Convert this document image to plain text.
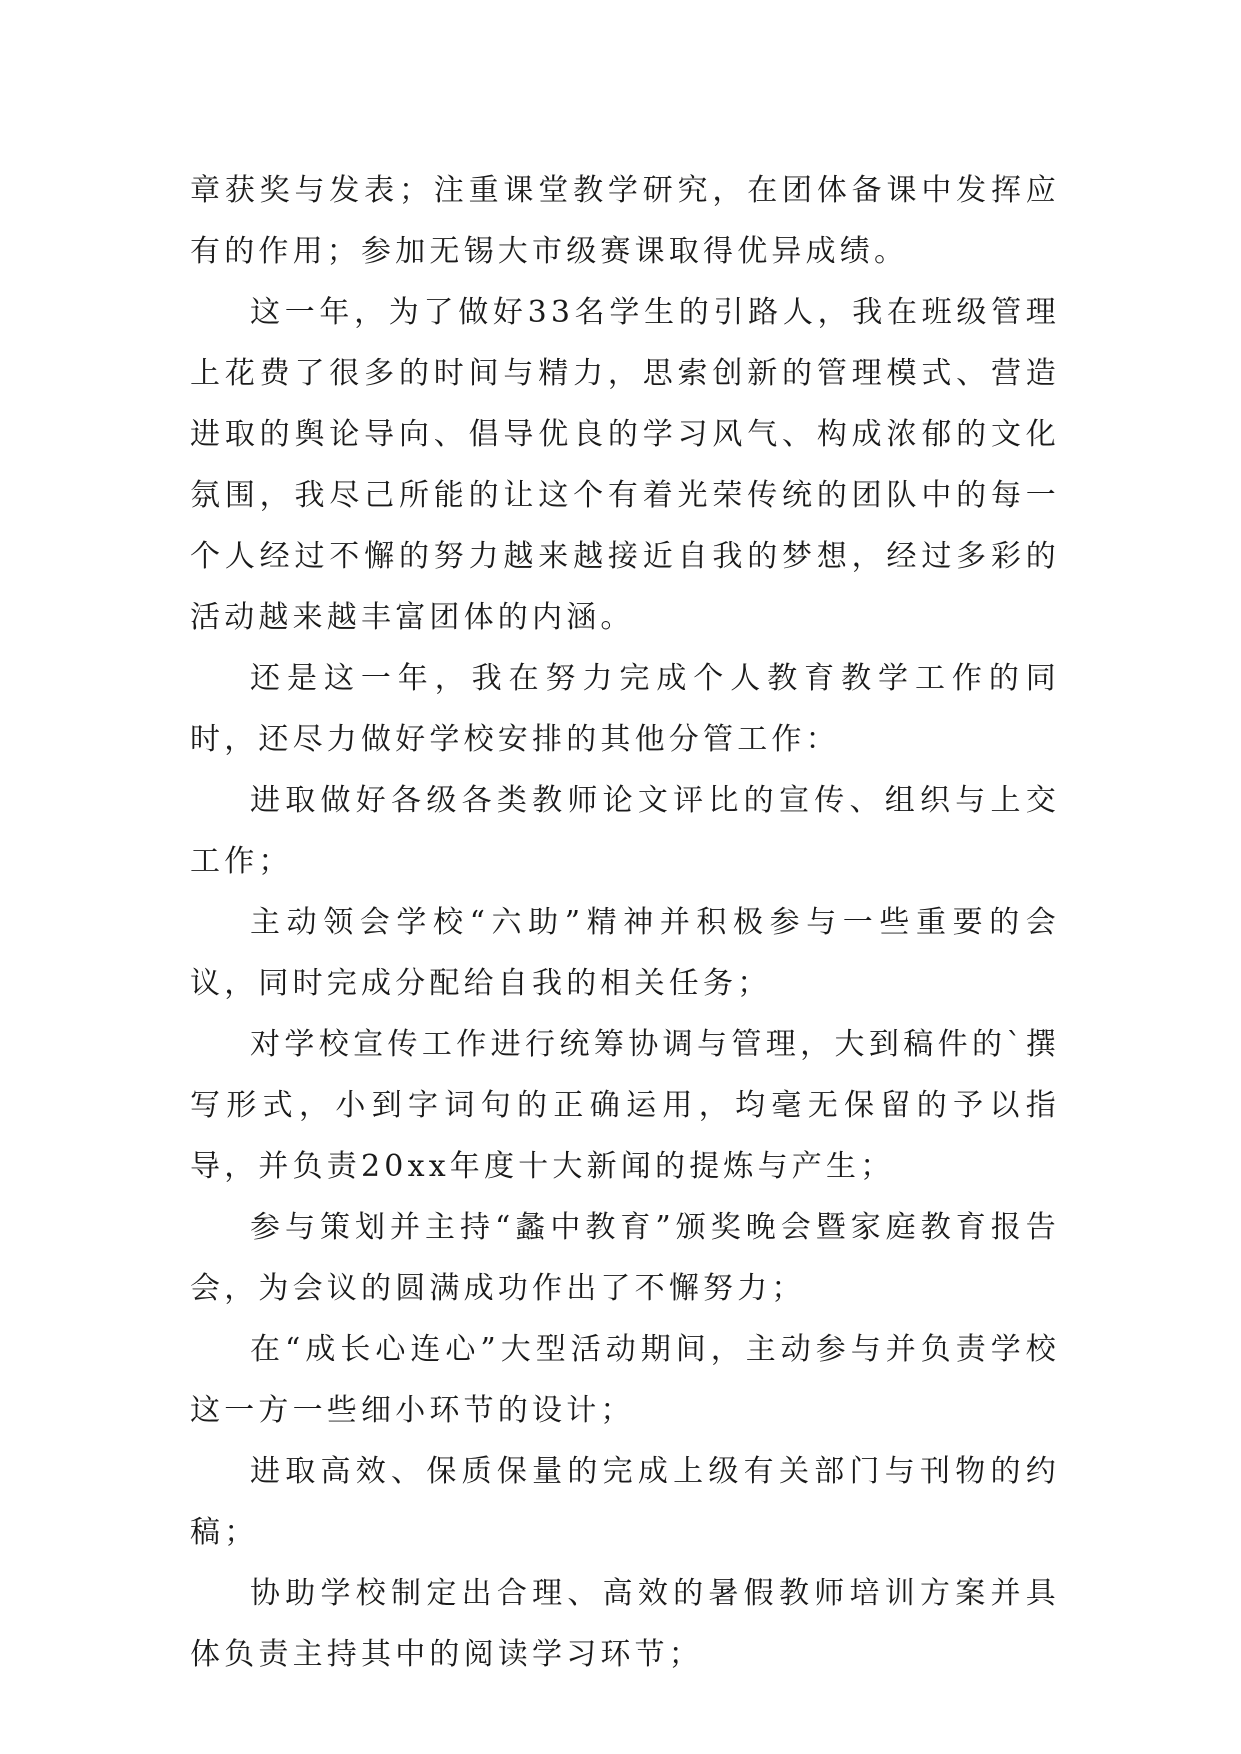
章获奖与发表；注重课堂教学研究，在团体备课中发挥应有的作用；参加无锡大市级赛课取得优异成绩。

这一年，为了做好33名学生的引路人，我在班级管理上花费了很多的时间与精力，思索创新的管理模式、营造进取的舆论导向、倡导优良的学习风气、构成浓郁的文化氛围，我尽己所能的让这个有着光荣传统的团队中的每一个人经过不懈的努力越来越接近自我的梦想，经过多彩的活动越来越丰富团体的内涵。

还是这一年，我在努力完成个人教育教学工作的同时，还尽力做好学校安排的其他分管工作：

进取做好各级各类教师论文评比的宣传、组织与上交工作；

主动领会学校“六助”精神并积极参与一些重要的会议，同时完成分配给自我的相关任务；

对学校宣传工作进行统筹协调与管理，大到稿件的`撰写形式，小到字词句的正确运用，均毫无保留的予以指导，并负责20xx年度十大新闻的提炼与产生；

参与策划并主持“蠡中教育”颁奖晚会暨家庭教育报告会，为会议的圆满成功作出了不懈努力；

在“成长心连心”大型活动期间，主动参与并负责学校这一方一些细小环节的设计；

进取高效、保质保量的完成上级有关部门与刊物的约稿；

协助学校制定出合理、高效的暑假教师培训方案并具体负责主持其中的阅读学习环节；
